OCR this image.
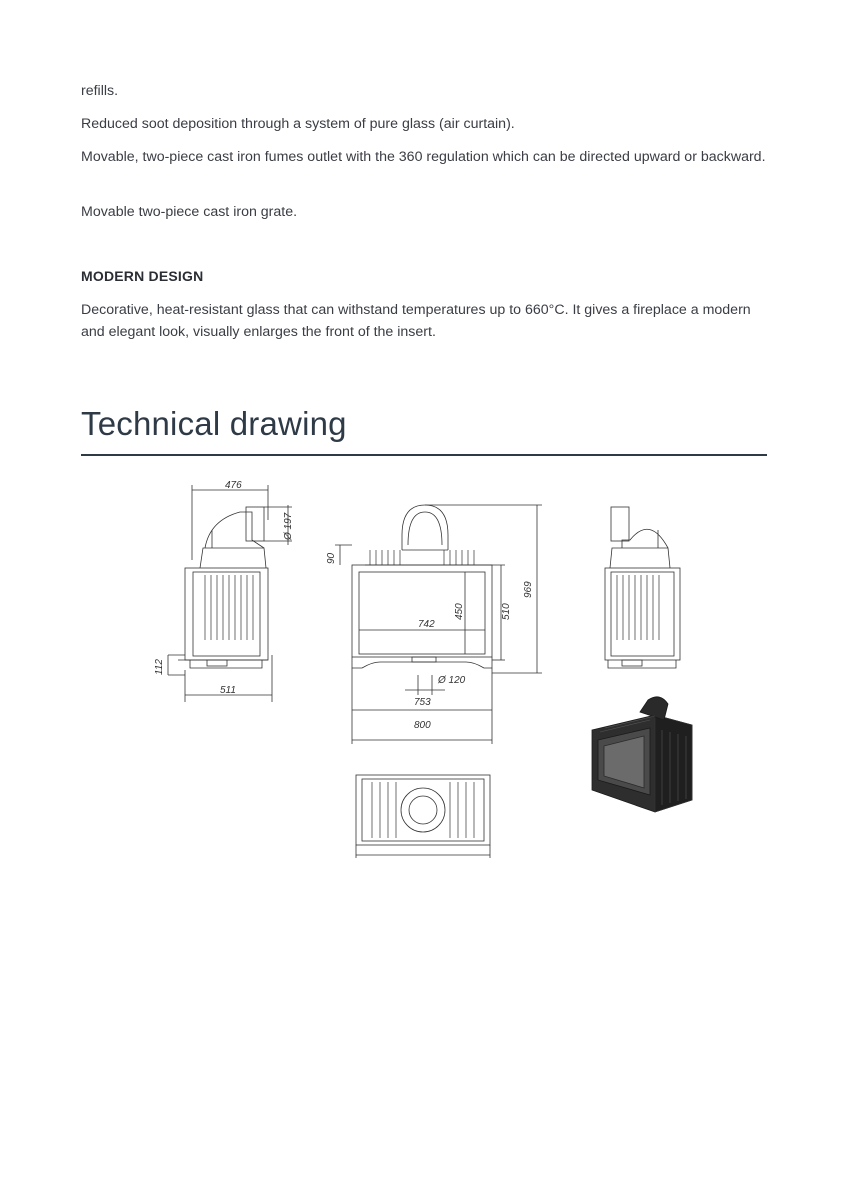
refills.

Reduced soot deposition through a system of pure glass (air curtain).

Movable, two-piece cast iron fumes outlet with the 360 regulation which can be directed upward or backward.

Movable two-piece cast iron grate.

MODERN DESIGN

Decorative, heat-resistant glass that can withstand temperatures up to 660°C. It gives a fireplace a modern and elegant look, visually enlarges the front of the insert.

Technical drawing
476
Ø 197
112
511
90
742
450	510
969
Ø 120
753
800
